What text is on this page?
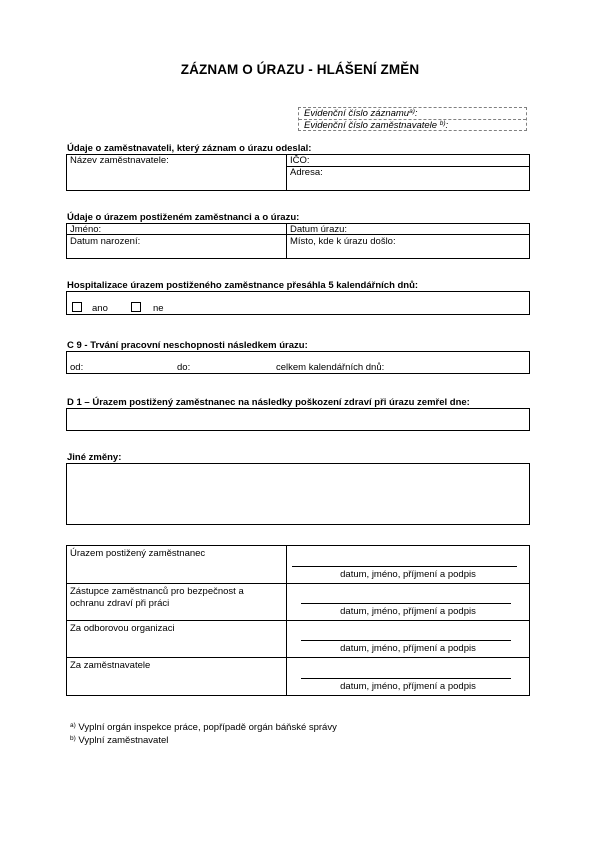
ZÁZNAM O ÚRAZU - HLÁŠENÍ ZMĚN
Evidenční číslo záznamu$^{a)}$:
Evidenční číslo zaměstnavatele $^{b)}$:
Údaje o zaměstnavateli, který záznam o úrazu odeslal:
Název zaměstnavatele:	IČO:
Adresa:
Údaje o úrazem postiženém zaměstnanci a o úrazu:
Jméno:	Datum úrazu:
Datum narození:	Místo, kde k úrazu došlo:
Hospitalizace úrazem postiženého zaměstnance přesáhla 5 kalendářních dnů:
ano	ne
C 9 - Trvání pracovní neschopnosti následkem úrazu:
od:	do:	celkem kalendářních dnů:
D 1 – Úrazem postižený zaměstnanec na následky poškození zdraví při úrazu zemřel dne:
Jiné změny:
Úrazem postižený zaměstnanec
datum, jméno, příjmení a podpis
Zástupce zaměstnanců pro bezpečnost a
ochranu zdraví při práci
datum, jméno, příjmení a podpis
Za odborovou organizaci
datum, jméno, příjmení a podpis
Za zaměstnavatele
datum, jméno, příjmení a podpis
$^{a)}$ Vyplní orgán inspekce práce, popřípadě orgán báňské správy
$^{b)}$ Vyplní zaměstnavatel
